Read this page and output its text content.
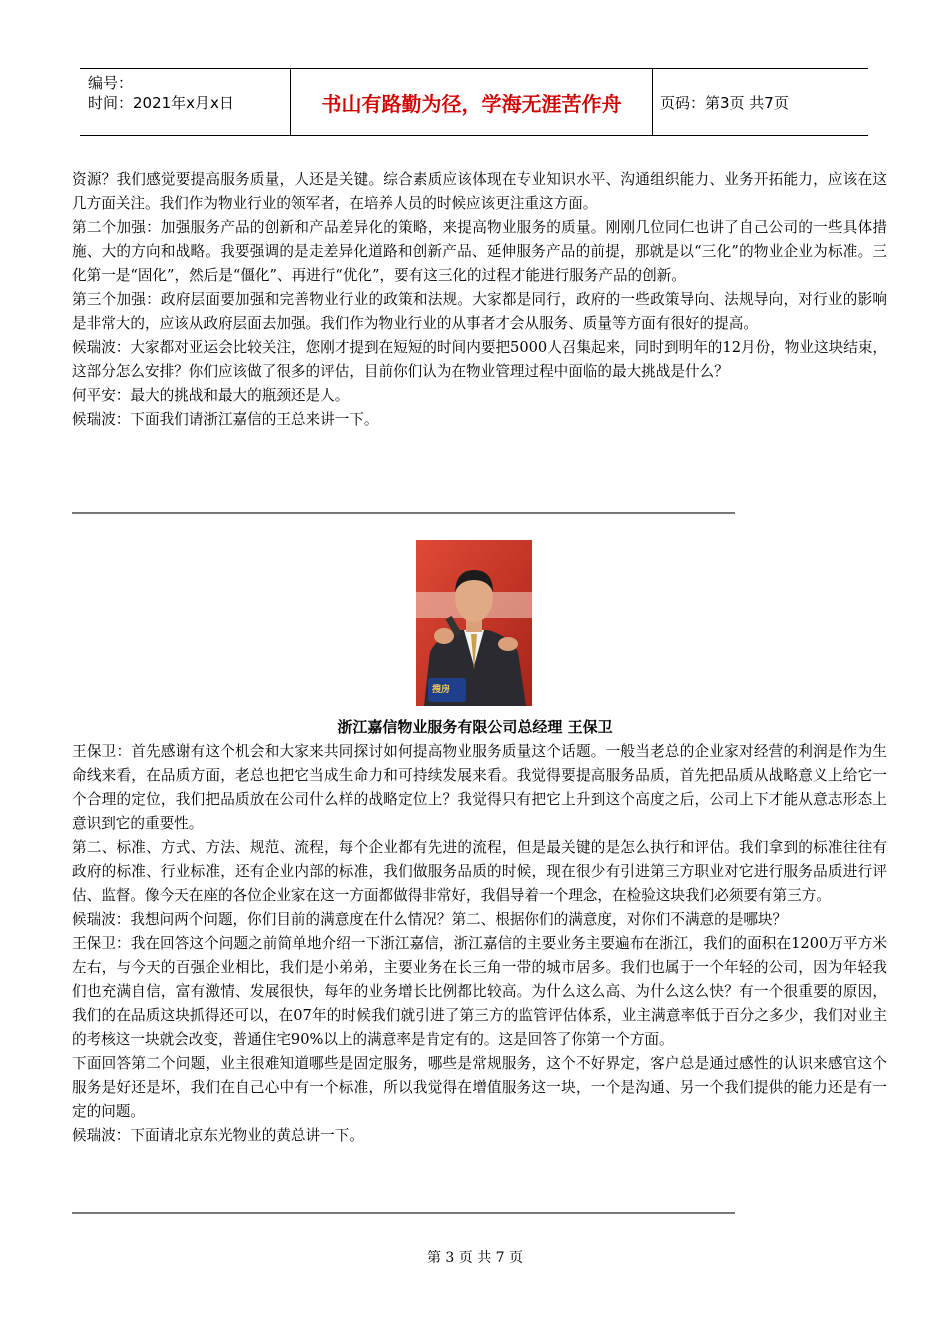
编号：
时间：2021年x月x日	书山有路勤为径，学海无涯苦作舟	页码：第3页 共7页

资源？我们感觉要提高服务质量，人还是关键。综合素质应该体现在专业知识水平、沟通组织能力、业务开拓能力，应该在这几方面关注。我们作为物业行业的领军者，在培养人员的时候应该更注重这方面。

第二个加强：加强服务产品的创新和产品差异化的策略，来提高物业服务的质量。刚刚几位同仁也讲了自己公司的一些具体措施、大的方向和战略。我要强调的是走差异化道路和创新产品、延伸服务产品的前提，那就是以“三化”的物业企业为标准。三化第一是“固化”，然后是“僵化”、再进行“优化”，要有这三化的过程才能进行服务产品的创新。

第三个加强：政府层面要加强和完善物业行业的政策和法规。大家都是同行，政府的一些政策导向、法规导向，对行业的影响是非常大的，应该从政府层面去加强。我们作为物业行业的从事者才会从服务、质量等方面有很好的提高。

候瑞波：大家都对亚运会比较关注，您刚才提到在短短的时间内要把5000人召集起来，同时到明年的12月份，物业这块结束，这部分怎么安排？你们应该做了很多的评估，目前你们认为在物业管理过程中面临的最大挑战是什么？

何平安：最大的挑战和最大的瓶颈还是人。

候瑞波：下面我们请浙江嘉信的王总来讲一下。

搜房
浙江嘉信物业服务有限公司总经理 王保卫

王保卫：首先感谢有这个机会和大家来共同探讨如何提高物业服务质量这个话题。一般当老总的企业家对经营的利润是作为生命线来看，在品质方面，老总也把它当成生命力和可持续发展来看。我觉得要提高服务品质，首先把品质从战略意义上给它一个合理的定位，我们把品质放在公司什么样的战略定位上？我觉得只有把它上升到这个高度之后，公司上下才能从意志形态上意识到它的重要性。

第二、标准、方式、方法、规范、流程，每个企业都有先进的流程，但是最关键的是怎么执行和评估。我们拿到的标准往往有政府的标准、行业标准，还有企业内部的标准，我们做服务品质的时候，现在很少有引进第三方职业对它进行服务品质进行评估、监督。像今天在座的各位企业家在这一方面都做得非常好，我倡导着一个理念，在检验这块我们必须要有第三方。

候瑞波：我想问两个问题，你们目前的满意度在什么情况？第二、根据你们的满意度，对你们不满意的是哪块？

王保卫：我在回答这个问题之前简单地介绍一下浙江嘉信，浙江嘉信的主要业务主要遍布在浙江，我们的面积在1200万平方米左右，与今天的百强企业相比，我们是小弟弟，主要业务在长三角一带的城市居多。我们也属于一个年轻的公司，因为年轻我们也充满自信，富有激情、发展很快，每年的业务增长比例都比较高。为什么这么高、为什么这么快？有一个很重要的原因，我们的在品质这块抓得还可以，在07年的时候我们就引进了第三方的监管评估体系，业主满意率低于百分之多少，我们对业主的考核这一块就会改变，普通住宅90%以上的满意率是肯定有的。这是回答了你第一个方面。

下面回答第二个问题，业主很难知道哪些是固定服务，哪些是常规服务，这个不好界定，客户总是通过感性的认识来感官这个服务是好还是坏，我们在自己心中有一个标准，所以我觉得在增值服务这一块，一个是沟通、另一个我们提供的能力还是有一定的问题。

候瑞波：下面请北京东光物业的黄总讲一下。

第 3 页 共 7 页
